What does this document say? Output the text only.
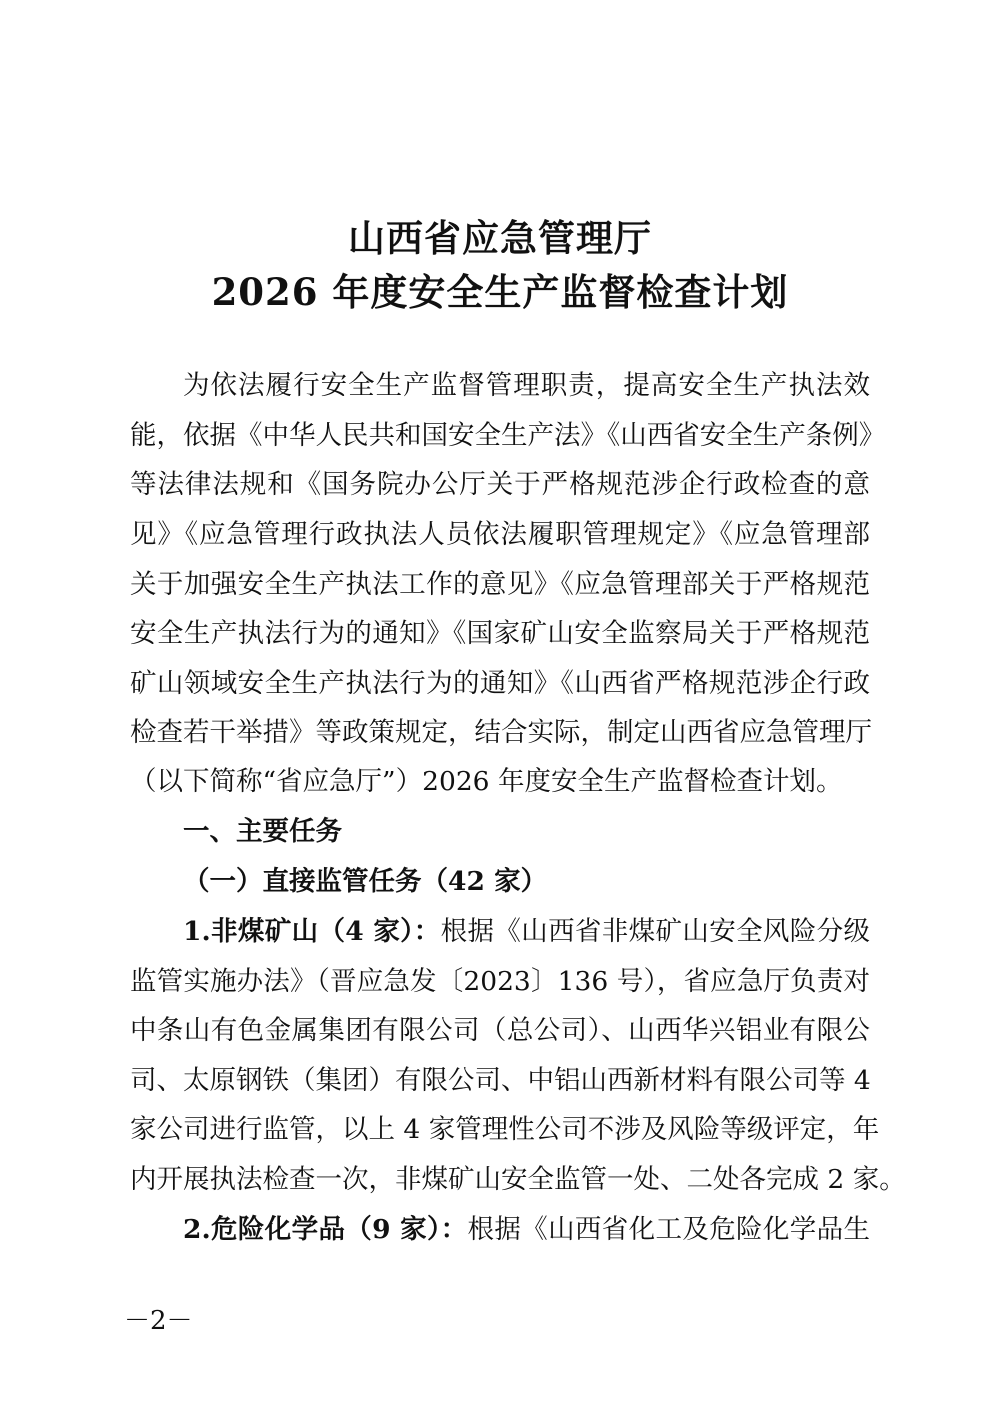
山西省应急管理厅
2026 年度安全生产监督检查计划
为依法履行安全生产监督管理职责，提高安全生产执法效
能，依据《中华人民共和国安全生产法》《山西省安全生产条例》
等法律法规和《国务院办公厅关于严格规范涉企行政检查的意
见》《应急管理行政执法人员依法履职管理规定》《应急管理部
关于加强安全生产执法工作的意见》《应急管理部关于严格规范
安全生产执法行为的通知》《国家矿山安全监察局关于严格规范
矿山领域安全生产执法行为的通知》《山西省严格规范涉企行政
检查若干举措》等政策规定，结合实际，制定山西省应急管理厅
（以下简称“省应急厅”）2026 年度安全生产监督检查计划。
一、主要任务
（一）直接监管任务（42 家）
1.非煤矿山（4 家）：根据《山西省非煤矿山安全风险分级
监管实施办法》（晋应急发〔2023〕136 号），省应急厅负责对
中条山有色金属集团有限公司（总公司）、山西华兴铝业有限公
司、太原钢铁（集团）有限公司、中铝山西新材料有限公司等 4
家公司进行监管，以上 4 家管理性公司不涉及风险等级评定，年
内开展执法检查一次，非煤矿山安全监管一处、二处各完成 2 家。
2.危险化学品（9 家）：根据《山西省化工及危险化学品生
－2－
